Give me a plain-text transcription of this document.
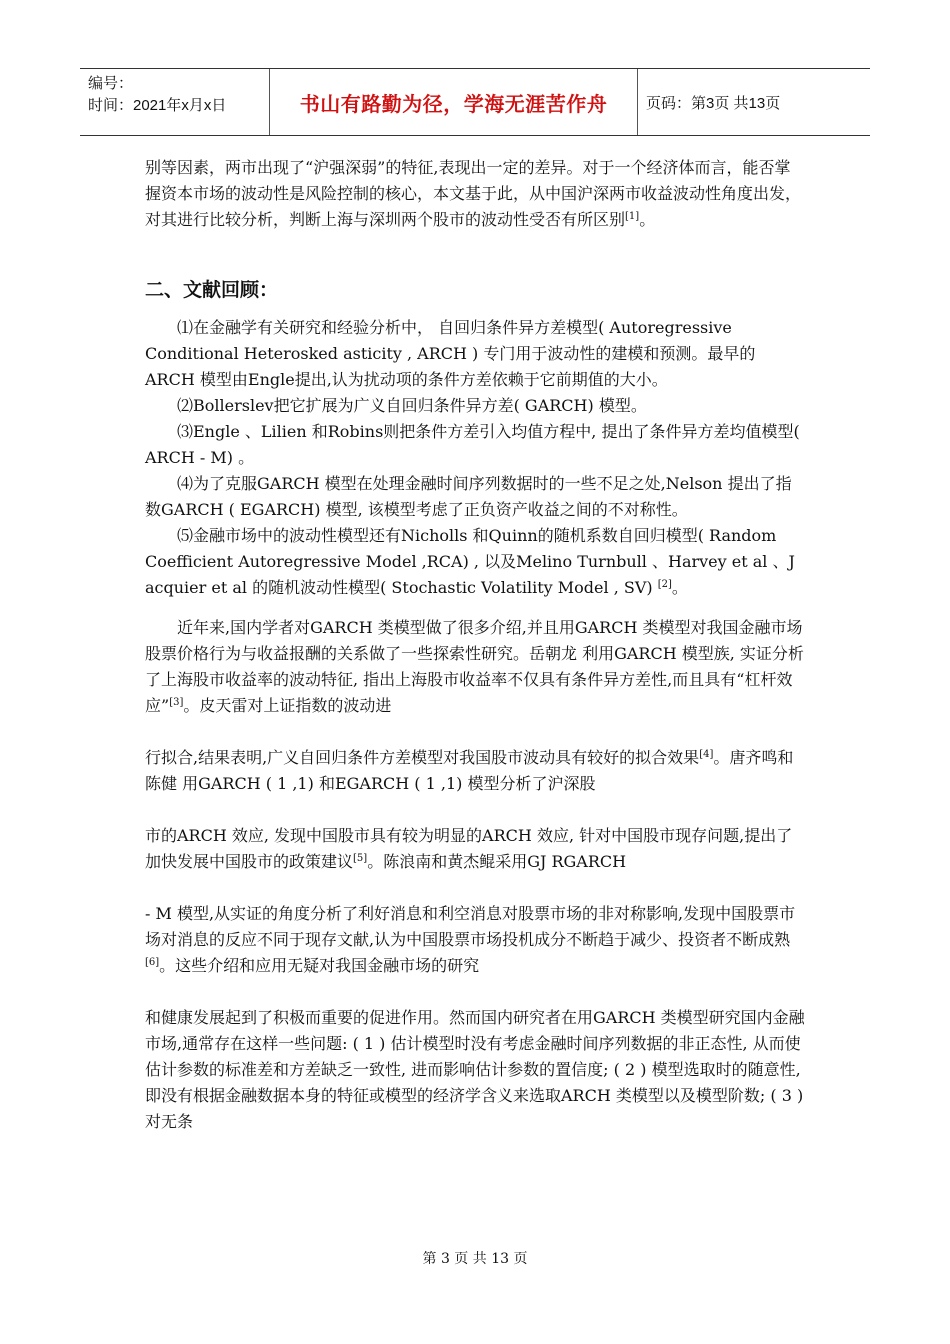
编号：
时间：2021年x月x日	书山有路勤为径，学海无涯苦作舟	页码：第3页 共13页

别等因素，两市出现了“沪强深弱”的特征,表现出一定的差异。对于一个经济体而言，能否掌握资本市场的波动性是风险控制的核心，本文基于此，从中国沪深两市收益波动性角度出发，对其进行比较分析，判断上海与深圳两个股市的波动性受否有所区别[1]。

二、文献回顾：

⑴在金融学有关研究和经验分析中， 自回归条件异方差模型( Autoregressive Conditional Heterosked asticity , ARCH ) 专门用于波动性的建模和预测。最早的ARCH 模型由Engle提出,认为扰动项的条件方差依赖于它前期值的大小。

⑵Bollerslev把它扩展为广义自回归条件异方差( GARCH) 模型。

⑶Engle 、Lilien 和Robins则把条件方差引入均值方程中, 提出了条件异方差均值模型( ARCH - M) 。

⑷为了克服GARCH 模型在处理金融时间序列数据时的一些不足之处,Nelson 提出了指数GARCH ( EGARCH) 模型, 该模型考虑了正负资产收益之间的不对称性。

⑸金融市场中的波动性模型还有Nicholls 和Quinn的随机系数自回归模型( Random Coefficient Autoregressive Model ,RCA) , 以及Melino Turnbull 、Harvey et al 、J acquier et al 的随机波动性模型( Stochastic Volatility Model , SV) [2]。

近年来,国内学者对GARCH 类模型做了很多介绍,并且用GARCH 类模型对我国金融市场股票价格行为与收益报酬的关系做了一些探索性研究。岳朝龙 利用GARCH 模型族, 实证分析了上海股市收益率的波动特征, 指出上海股市收益率不仅具有条件异方差性,而且具有“杠杆效应”[3]。皮天雷对上证指数的波动进

行拟合,结果表明,广义自回归条件方差模型对我国股市波动具有较好的拟合效果[4]。唐齐鸣和陈健 用GARCH ( 1 ,1) 和EGARCH ( 1 ,1) 模型分析了沪深股

市的ARCH 效应, 发现中国股市具有较为明显的ARCH 效应, 针对中国股市现存问题,提出了加快发展中国股市的政策建议[5]。陈浪南和黄杰鲲采用GJ RGARCH

- M 模型,从实证的角度分析了利好消息和利空消息对股票市场的非对称影响,发现中国股票市场对消息的反应不同于现存文献,认为中国股票市场投机成分不断趋于减少、投资者不断成熟[6]。这些介绍和应用无疑对我国金融市场的研究

和健康发展起到了积极而重要的促进作用。然而国内研究者在用GARCH 类模型研究国内金融市场,通常存在这样一些问题: ( 1 ) 估计模型时没有考虑金融时间序列数据的非正态性, 从而使估计参数的标准差和方差缺乏一致性, 进而影响估计参数的置信度; ( 2 ) 模型选取时的随意性, 即没有根据金融数据本身的特征或模型的经济学含义来选取ARCH 类模型以及模型阶数; ( 3 ) 对无条

第 3 页 共 13 页
